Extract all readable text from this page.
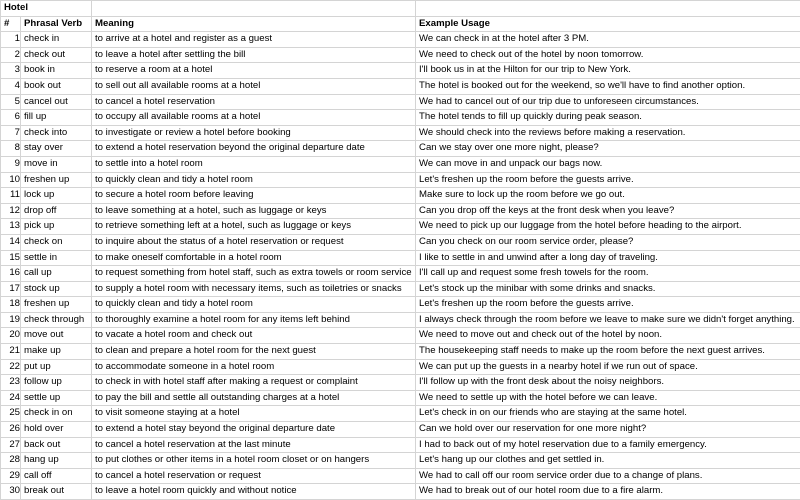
Hotel			
#	Phrasal Verb	Meaning	Example Usage
1	check in	to arrive at a hotel and register as a guest	We can check in at the hotel after 3 PM.
2	check out	to leave a hotel after settling the bill	We need to check out of the hotel by noon tomorrow.
3	book in	to reserve a room at a hotel	I'll book us in at the Hilton for our trip to New York.
4	book out	to sell out all available rooms at a hotel	The hotel is booked out for the weekend, so we'll have to find another option.
5	cancel out	to cancel a hotel reservation	We had to cancel out of our trip due to unforeseen circumstances.
6	fill up	to occupy all available rooms at a hotel	The hotel tends to fill up quickly during peak season.
7	check into	to investigate or review a hotel before booking	We should check into the reviews before making a reservation.
8	stay over	to extend a hotel reservation beyond the original departure date	Can we stay over one more night, please?
9	move in	to settle into a hotel room	We can move in and unpack our bags now.
10	freshen up	to quickly clean and tidy a hotel room	Let's freshen up the room before the guests arrive.
11	lock up	to secure a hotel room before leaving	Make sure to lock up the room before we go out.
12	drop off	to leave something at a hotel, such as luggage or keys	Can you drop off the keys at the front desk when you leave?
13	pick up	to retrieve something left at a hotel, such as luggage or keys	We need to pick up our luggage from the hotel before heading to the airport.
14	check on	to inquire about the status of a hotel reservation or request	Can you check on our room service order, please?
15	settle in	to make oneself comfortable in a hotel room	I like to settle in and unwind after a long day of traveling.
16	call up	to request something from hotel staff, such as extra towels or room service	I'll call up and request some fresh towels for the room.
17	stock up	to supply a hotel room with necessary items, such as toiletries or snacks	Let's stock up the minibar with some drinks and snacks.
18	freshen up	to quickly clean and tidy a hotel room	Let's freshen up the room before the guests arrive.
19	check through	to thoroughly examine a hotel room for any items left behind	I always check through the room before we leave to make sure we didn't forget anything.
20	move out	to vacate a hotel room and check out	We need to move out and check out of the hotel by noon.
21	make up	to clean and prepare a hotel room for the next guest	The housekeeping staff needs to make up the room before the next guest arrives.
22	put up	to accommodate someone in a hotel room	We can put up the guests in a nearby hotel if we run out of space.
23	follow up	to check in with hotel staff after making a request or complaint	I'll follow up with the front desk about the noisy neighbors.
24	settle up	to pay the bill and settle all outstanding charges at a hotel	We need to settle up with the hotel before we can leave.
25	check in on	to visit someone staying at a hotel	Let's check in on our friends who are staying at the same hotel.
26	hold over	to extend a hotel stay beyond the original departure date	Can we hold over our reservation for one more night?
27	back out	to cancel a hotel reservation at the last minute	I had to back out of my hotel reservation due to a family emergency.
28	hang up	to put clothes or other items in a hotel room closet or on hangers	Let's hang up our clothes and get settled in.
29	call off	to cancel a hotel reservation or request	We had to call off our room service order due to a change of plans.
30	break out	to leave a hotel room quickly and without notice	We had to break out of our hotel room due to a fire alarm.
